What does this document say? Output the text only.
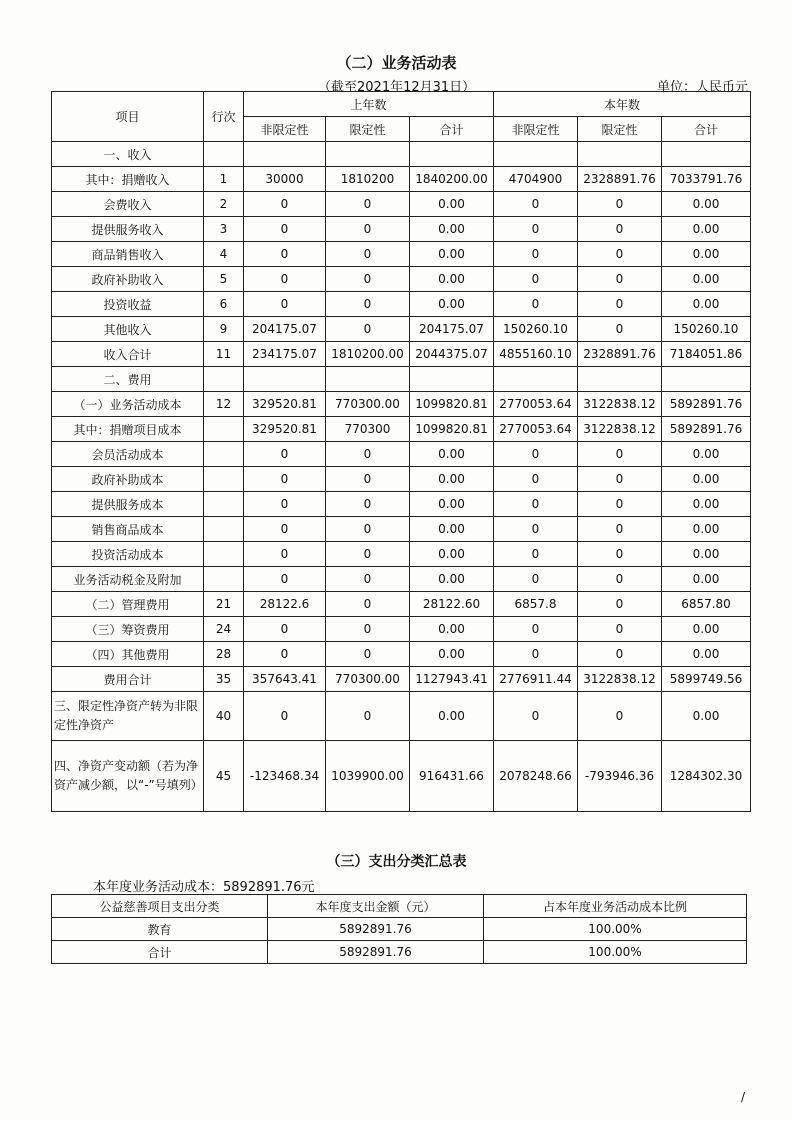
（二）业务活动表
（截至2021年12月31日）	单位：人民币元
项目	行次	上年数			本年数		
		非限定性	限定性	合计	非限定性	限定性	合计
一、收入							
其中：捐赠收入	1	30000	1810200	1840200.00	4704900	2328891.76	7033791.76
会费收入	2	0	0	0.00	0	0	0.00
提供服务收入	3	0	0	0.00	0	0	0.00
商品销售收入	4	0	0	0.00	0	0	0.00
政府补助收入	5	0	0	0.00	0	0	0.00
投资收益	6	0	0	0.00	0	0	0.00
其他收入	9	204175.07	0	204175.07	150260.10	0	150260.10
收入合计	11	234175.07	1810200.00	2044375.07	4855160.10	2328891.76	7184051.86
二、费用							
（一）业务活动成本	12	329520.81	770300.00	1099820.81	2770053.64	3122838.12	5892891.76
其中：捐赠项目成本		329520.81	770300	1099820.81	2770053.64	3122838.12	5892891.76
会员活动成本		0	0	0.00	0	0	0.00
政府补助成本		0	0	0.00	0	0	0.00
提供服务成本		0	0	0.00	0	0	0.00
销售商品成本		0	0	0.00	0	0	0.00
投资活动成本		0	0	0.00	0	0	0.00
业务活动税金及附加		0	0	0.00	0	0	0.00
（二）管理费用	21	28122.6	0	28122.60	6857.8	0	6857.80
（三）筹资费用	24	0	0	0.00	0	0	0.00
（四）其他费用	28	0	0	0.00	0	0	0.00
费用合计	35	357643.41	770300.00	1127943.41	2776911.44	3122838.12	5899749.56
三、限定性净资产转为非限定性净资产	40	0	0	0.00	0	0	0.00
四、净资产变动额（若为净资产减少额，以“-”号填列）	45	-123468.34	1039900.00	916431.66	2078248.66	-793946.36	1284302.30
（三）支出分类汇总表
本年度业务活动成本：5892891.76元
公益慈善项目支出分类	本年度支出金额（元）	占本年度业务活动成本比例
教育	5892891.76	100.00%
合计	5892891.76	100.00%
/
